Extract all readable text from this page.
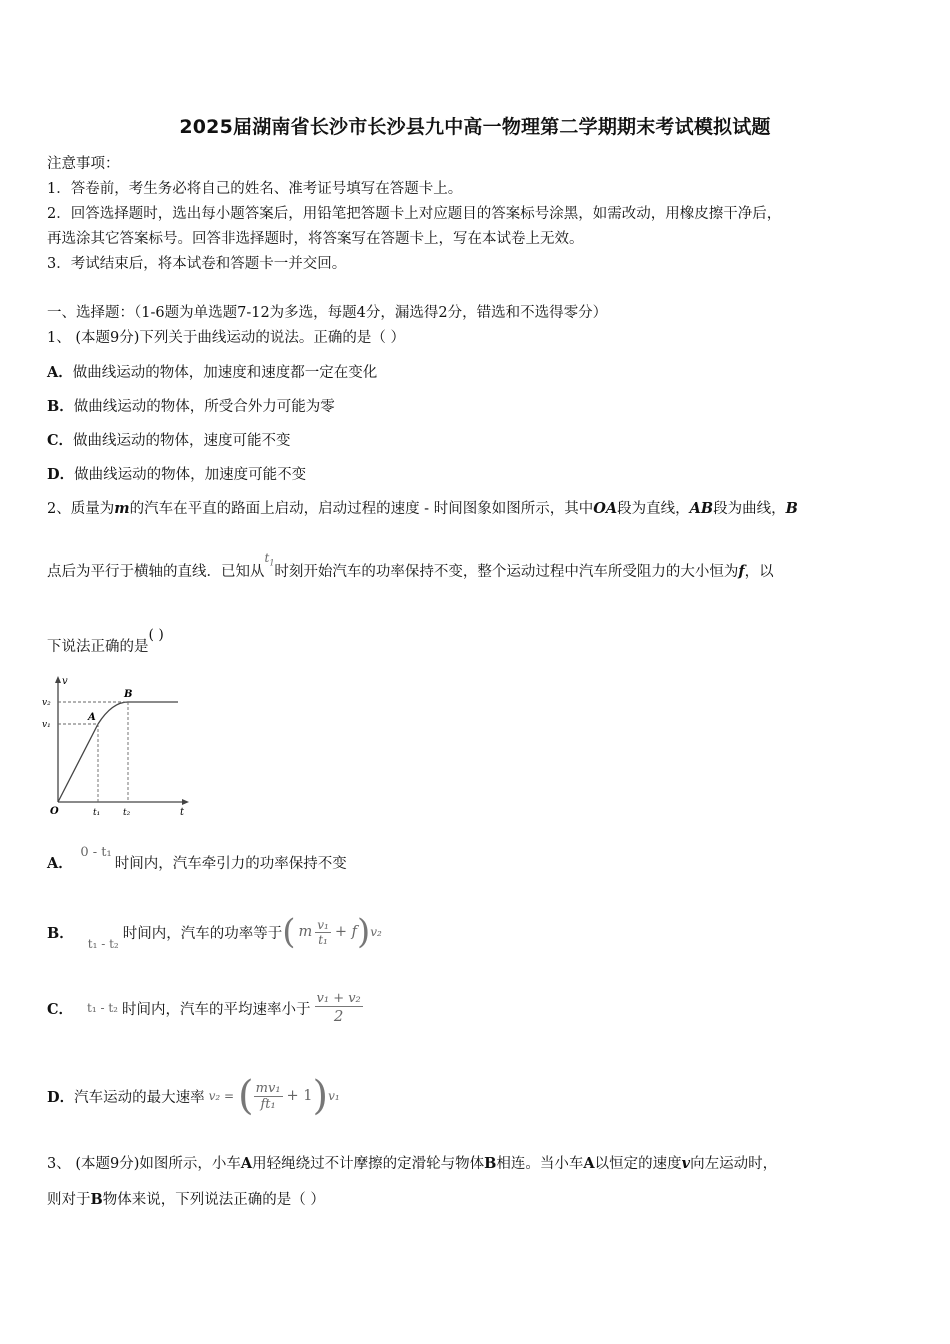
2025届湖南省长沙市长沙县九中高一物理第二学期期末考试模拟试题
注意事项：
1．答卷前，考生务必将自己的姓名、准考证号填写在答题卡上。
2．回答选择题时，选出每小题答案后，用铅笔把答题卡上对应题目的答案标号涂黑，如需改动，用橡皮擦干净后，
再选涂其它答案标号。回答非选择题时，将答案写在答题卡上，写在本试卷上无效。
3．考试结束后，将本试卷和答题卡一并交回。
一、选择题：（1-6题为单选题7-12为多选，每题4分，漏选得2分，错选和不选得零分）
1、 (本题9分)下列关于曲线运动的说法。正确的是（ ）
A．做曲线运动的物体，加速度和速度都一定在变化
B．做曲线运动的物体，所受合外力可能为零
C．做曲线运动的物体，速度可能不变
D．做曲线运动的物体，加速度可能不变
2、质量为m的汽车在平直的路面上启动，启动过程的速度 - 时间图象如图所示，其中OA段为直线，AB段为曲线，B
点后为平行于横轴的直线．已知从$^{t_1}$时刻开始汽车的功率保持不变，整个运动过程中汽车所受阻力的大小恒为f，以
下说法正确的是( )
v
v₂
v₁
A
B
O	t₁	t₂	t
A． 0 - t₁时间内，汽车牵引力的功率保持不变
B．
t₁ - t₂
时间内，汽车的功率等于 ( m $\frac{\text{v₁}}{\text{t₁}} + f$ ) v₂
C． t₁ - t₂ 时间内，汽车的平均速率小于 $\frac{\text{v₁ + v₂}}{2}$
D． 汽车运动的最大速率 v₂ = ( $\frac{\text{mv₁}}{\text{ft₁}} + 1$ ) v₁
3、 (本题9分)如图所示，小车A用轻绳绕过不计摩擦的定滑轮与物体B相连。当小车A以恒定的速度v向左运动时，
则对于B物体来说，下列说法正确的是（ ）
